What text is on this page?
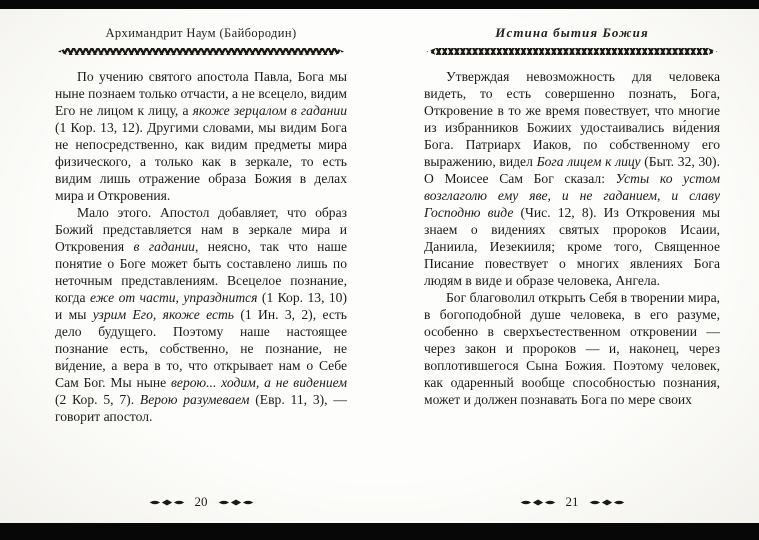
Архимандрит Наум (Байбородин)

По учению святого апостола Павла, Бога мы ныне познаем только отчасти, а не всецело, видим Его не лицом к лицу, а якоже зерцалом в гадании (1 Кор. 13, 12). Другими словами, мы видим Бога не непосредственно, как видим предметы мира физического, а только как в зеркале, то есть видим лишь отражение образа Божия в делах мира и Откровения.

Мало этого. Апостол добавляет, что образ Божий представляется нам в зеркале мира и Откровения в гадании, неясно, так что наше понятие о Боге может быть составлено лишь по неточным представлениям. Всецелое познание, когда еже от части, упразднится (1 Кор. 13, 10) и мы узрим Его, якоже есть (1 Ин. 3, 2), есть дело будущего. Поэтому наше настоящее познание есть, собственно, не познание, не ви́дение, а вера в то, что открывает нам о Себе Сам Бог. Мы ныне верою... ходим, а не видением (2 Кор. 5, 7). Верою разумеваем (Евр. 11, 3), — говорит апостол.

20
Истина бытия Божия

Утверждая невозможность для человека видеть, то есть совершенно познать, Бога, Откровение в то же время повествует, что многие из избранников Божиих удостаивались ви́дения Бога. Патриарх Иаков, по собственному его выражению, видел Бога лицем к лицу (Быт. 32, 30). О Моисее Сам Бог сказал: Усты ко устом возглаголю ему яве, и не гаданием, и славу Господню виде (Чис. 12, 8). Из Откровения мы знаем о видениях святых пророков Исаии, Даниила, Иезекииля; кроме того, Священное Писание повествует о многих явлениях Бога людям в виде и образе человека, Ангела.

Бог благоволил открыть Себя в творении мира, в богоподобной душе человека, в его разуме, особенно в сверхъестественном откровении — через закон и пророков — и, наконец, через воплотившегося Сына Божия. Поэтому человек, как одаренный вообще способностью познания, может и должен познавать Бога по мере своих

21
